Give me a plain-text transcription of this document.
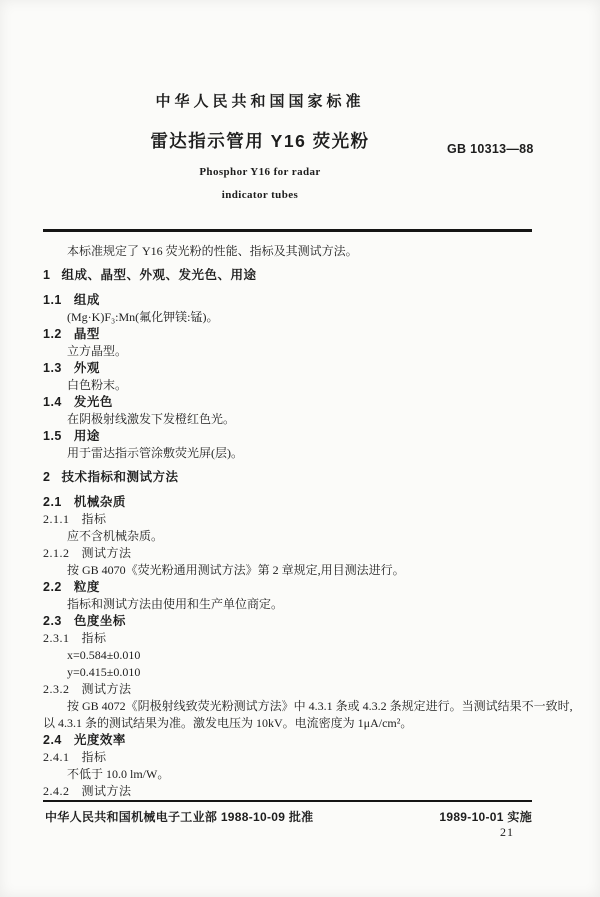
中华人民共和国国家标准
雷达指示管用 Y16 荧光粉	GB 10313—88
Phosphor Y16 for radar
indicator tubes
本标准规定了 Y16 荧光粉的性能、指标及其测试方法。
1 组成、晶型、外观、发光色、用途
1.1 组成
(Mg·K)F₃:Mn(氟化钾镁:锰)。
1.2 晶型
立方晶型。
1.3 外观
白色粉末。
1.4 发光色
在阴极射线激发下发橙红色光。
1.5 用途
用于雷达指示管涂敷荧光屏(层)。
2 技术指标和测试方法
2.1 机械杂质
2.1.1 指标
应不含机械杂质。
2.1.2 测试方法
按 GB 4070《荧光粉通用测试方法》第 2 章规定,用目测法进行。
2.2 粒度
指标和测试方法由使用和生产单位商定。
2.3 色度坐标
2.3.1 指标
x=0.584±0.010
y=0.415±0.010
2.3.2 测试方法
按 GB 4072《阴极射线致荧光粉测试方法》中 4.3.1 条或 4.3.2 条规定进行。当测试结果不一致时,
以 4.3.1 条的测试结果为准。激发电压为 10kV。电流密度为 1μA/cm²。
2.4 光度效率
2.4.1 指标
不低于 10.0 lm/W。
2.4.2 测试方法
中华人民共和国机械电子工业部 1988-10-09 批准	1989-10-01 实施
21
